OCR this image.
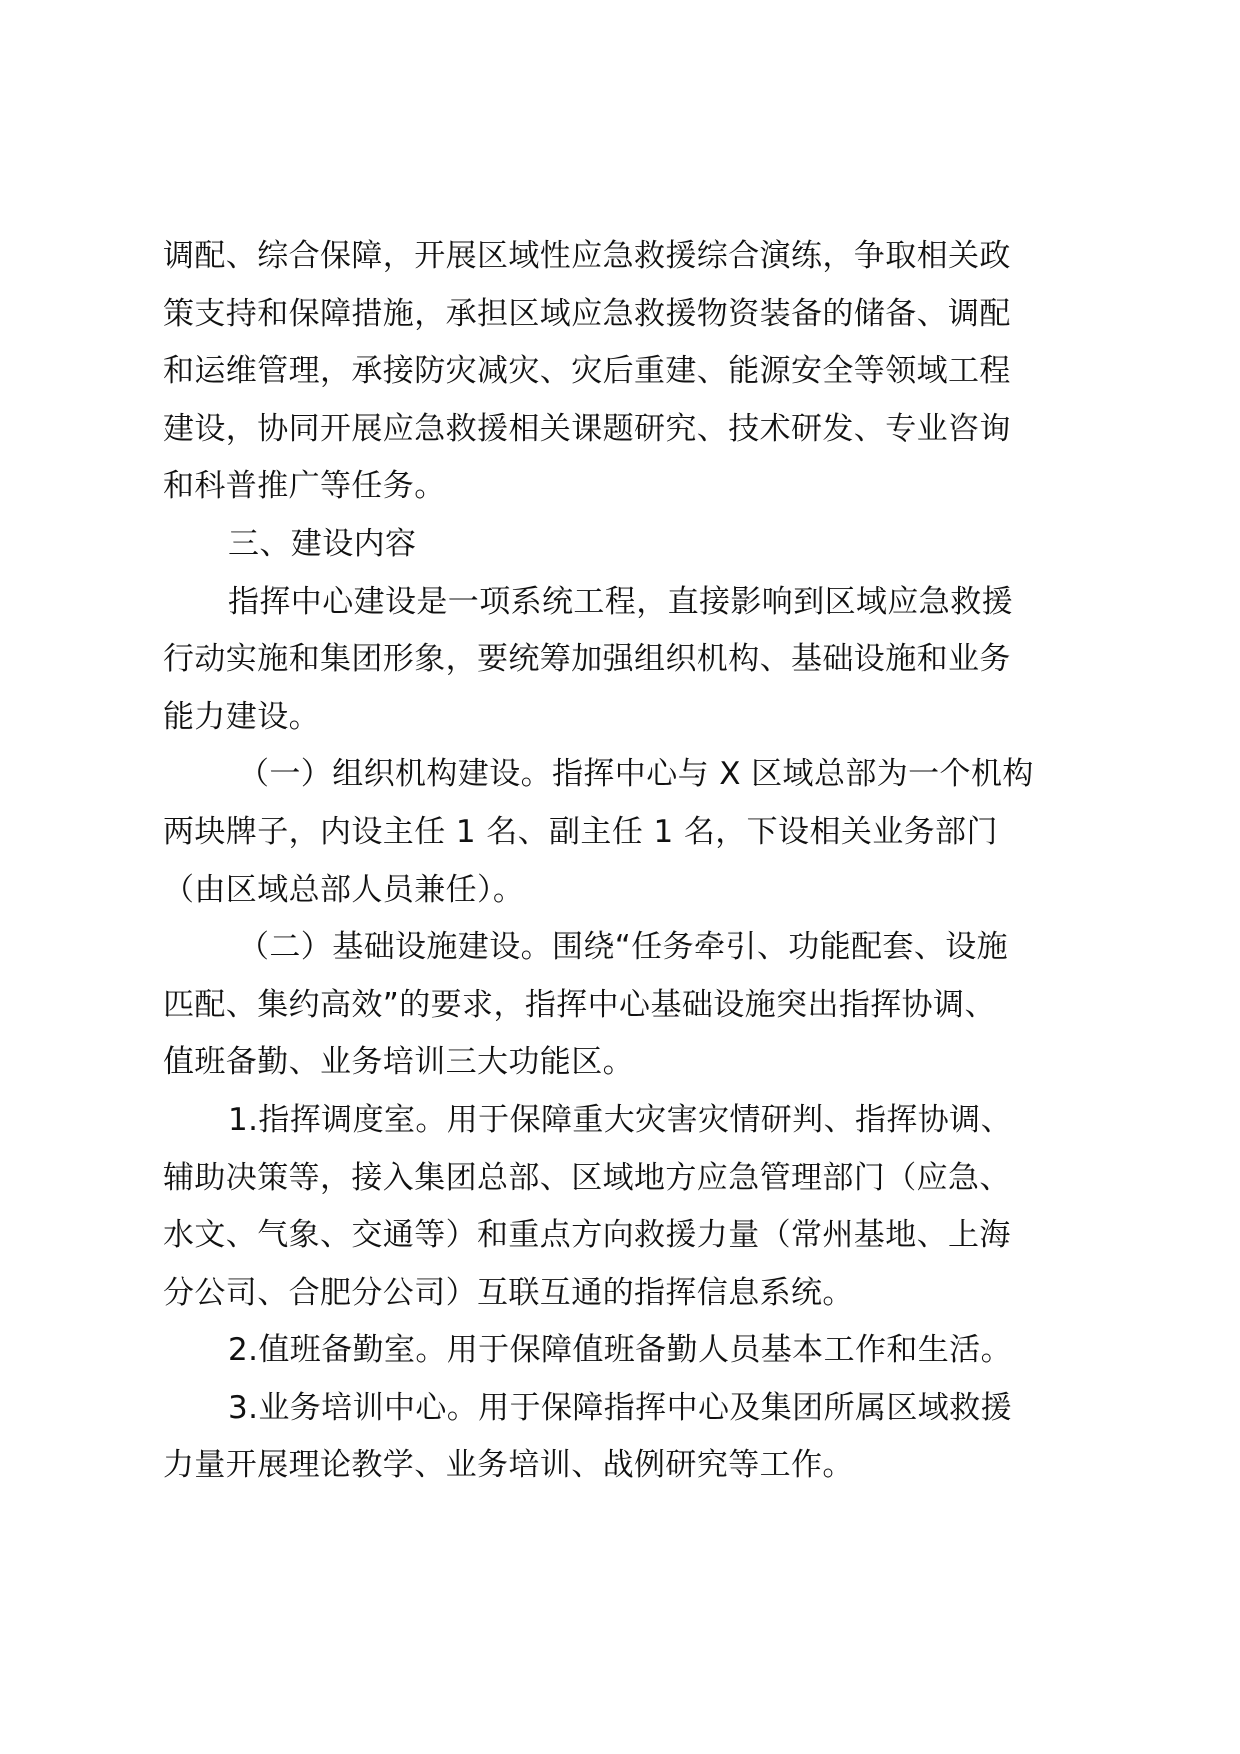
调配、综合保障，开展区域性应急救援综合演练，争取相关政
策支持和保障措施，承担区域应急救援物资装备的储备、调配
和运维管理，承接防灾减灾、灾后重建、能源安全等领域工程
建设，协同开展应急救援相关课题研究、技术研发、专业咨询
和科普推广等任务。
三、建设内容
指挥中心建设是一项系统工程，直接影响到区域应急救援
行动实施和集团形象，要统筹加强组织机构、基础设施和业务
能力建设。
（一）组织机构建设。指挥中心与 X 区域总部为一个机构
两块牌子，内设主任 1 名、副主任 1 名，下设相关业务部门
（由区域总部人员兼任）。
（二）基础设施建设。围绕“任务牵引、功能配套、设施
匹配、集约高效”的要求，指挥中心基础设施突出指挥协调、
值班备勤、业务培训三大功能区。
1.指挥调度室。用于保障重大灾害灾情研判、指挥协调、
辅助决策等，接入集团总部、区域地方应急管理部门（应急、
水文、气象、交通等）和重点方向救援力量（常州基地、上海
分公司、合肥分公司）互联互通的指挥信息系统。
2.值班备勤室。用于保障值班备勤人员基本工作和生活。
3.业务培训中心。用于保障指挥中心及集团所属区域救援
力量开展理论教学、业务培训、战例研究等工作。
